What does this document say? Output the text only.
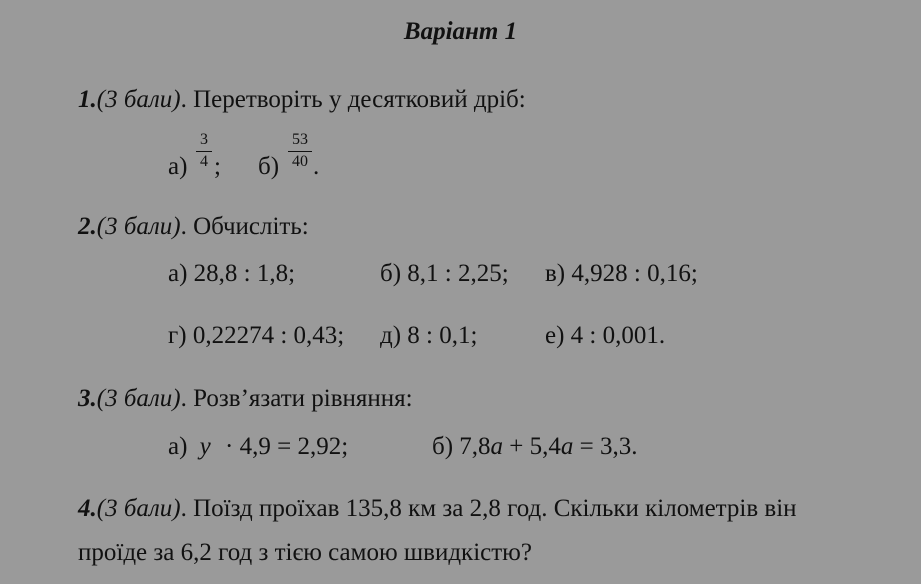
Варіант 1
1.(3 бали). Перетворіть у десятковий дріб:
а)
3
4 ; б)
53
40 .
2.(3 бали). Обчисліть:
а) 28,8 : 1,8;	б) 8,1 : 2,25; в) 4,928 : 0,16;
г) 0,22274 : 0,43; д) 8 : 0,1;	е) 4 : 0,001.
3.(3 бали). Розв’язати рівняння:
а) y · 4,9 = 2,92;	б) 7,8a + 5,4a = 3,3.
4.(3 бали). Поїзд проїхав 135,8 км за 2,8 год. Скільки кілометрів він
проїде за 6,2 год з тією самою швидкістю?
